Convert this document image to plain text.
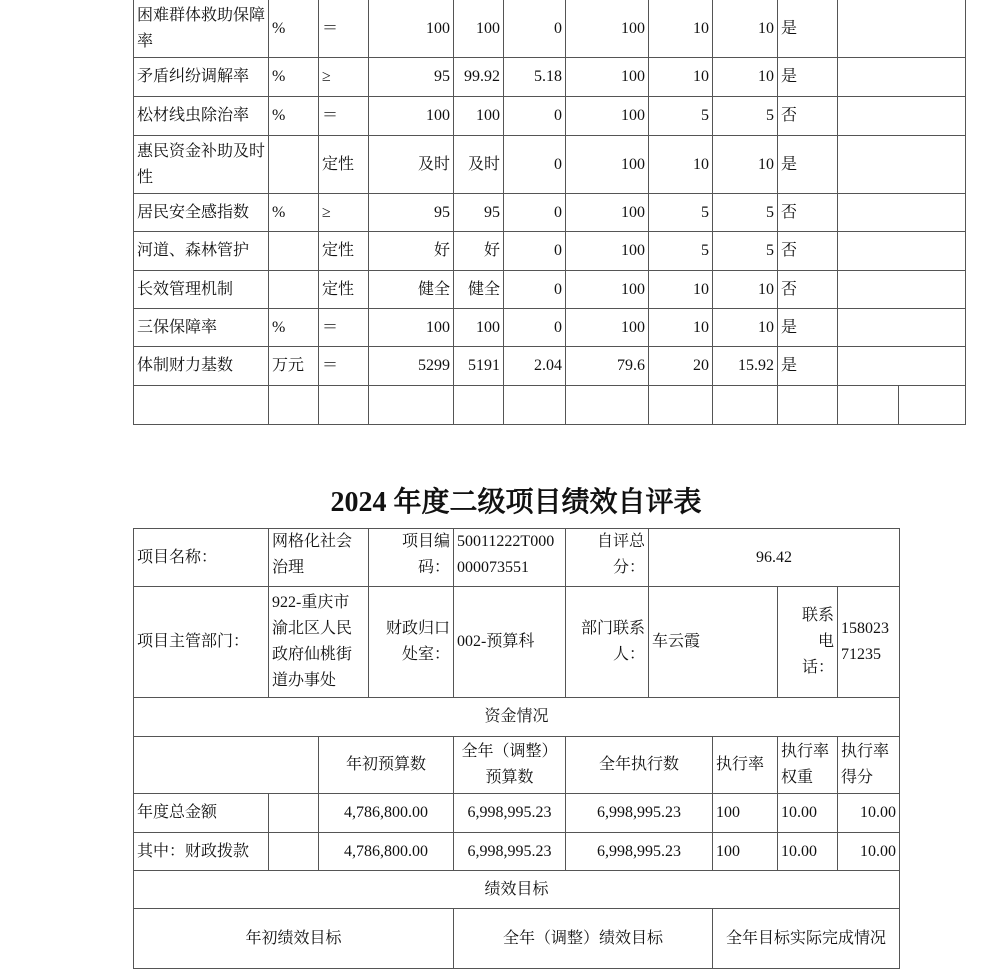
困难群体救助保障率	%	＝	100	100	0	100	10	10	是		
矛盾纠纷调解率	%	≥	95	99.92	5.18	100	10	10	是		
松材线虫除治率	%	＝	100	100	0	100	5	5	否		
惠民资金补助及时性		定性	及时	及时	0	100	10	10	是		
居民安全感指数	%	≥	95	95	0	100	5	5	否		
河道、森林管护		定性	好	好	0	100	5	5	否		
长效管理机制		定性	健全	健全	0	100	10	10	否		
三保保障率	%	＝	100	100	0	100	10	10	是		
体制财力基数	万元	＝	5299	5191	2.04	79.6	20	15.92	是		

2024 年度二级项目绩效自评表
项目名称：	网格化社会治理		项目编码：	50011222T000000073551	自评总分：	96.42			
项目主管部门：	922-重庆市渝北区人民政府仙桃街道办事处		财政归口处室：	002-预算科	部门联系人：	车云霞		联系电话：	15802371235
资金情况									
		年初预算数		全年（调整）预算数	全年执行数		执行率	执行率权重	执行率得分
年度总金额		4,786,800.00		6,998,995.23	6,998,995.23		100	10.00	10.00
其中：财政拨款		4,786,800.00		6,998,995.23	6,998,995.23		100	10.00	10.00
绩效目标									
年初绩效目标				全年（调整）绩效目标			全年目标实际完成情况		
